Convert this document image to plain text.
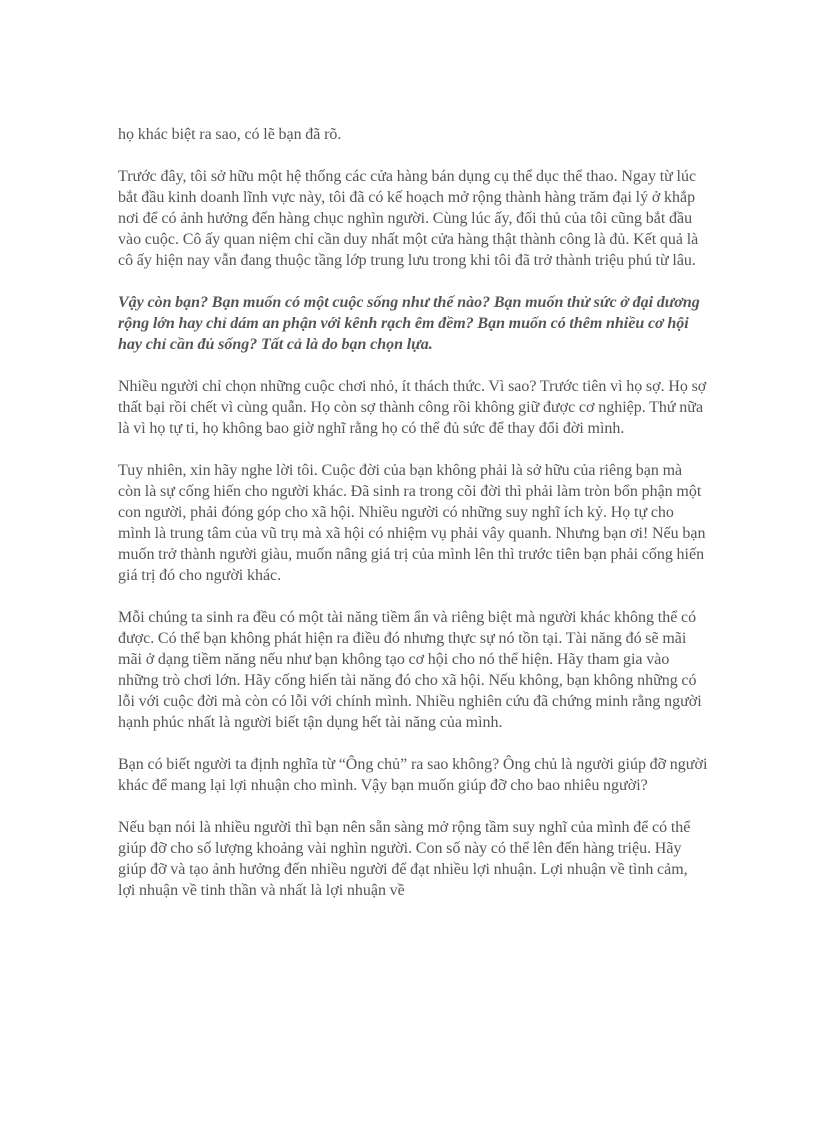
họ khác biệt ra sao, có lẽ bạn đã rõ.

Trước đây, tôi sở hữu một hệ thống các cửa hàng bán dụng cụ thể dục thể thao. Ngay từ lúc bắt đầu kinh doanh lĩnh vực này, tôi đã có kế hoạch mở rộng thành hàng trăm đại lý ở khắp nơi để có ảnh hưởng đến hàng chục nghìn người. Cùng lúc ấy, đối thủ của tôi cũng bắt đầu vào cuộc. Cô ấy quan niệm chỉ cần duy nhất một cửa hàng thật thành công là đủ. Kết quả là cô ấy hiện nay vẫn đang thuộc tầng lớp trung lưu trong khi tôi đã trở thành triệu phú từ lâu.

Vậy còn bạn? Bạn muốn có một cuộc sống như thế nào? Bạn muốn thử sức ở đại dương rộng lớn hay chỉ dám an phận với kênh rạch êm đềm? Bạn muốn có thêm nhiều cơ hội hay chỉ cần đủ sống? Tất cả là do bạn chọn lựa.

Nhiều người chỉ chọn những cuộc chơi nhỏ, ít thách thức. Vì sao? Trước tiên vì họ sợ. Họ sợ thất bại rồi chết vì cùng quẫn. Họ còn sợ thành công rồi không giữ được cơ nghiệp. Thứ nữa là vì họ tự ti, họ không bao giờ nghĩ rằng họ có thể đủ sức để thay đổi đời mình.

Tuy nhiên, xin hãy nghe lời tôi. Cuộc đời của bạn không phải là sở hữu của riêng bạn mà còn là sự cống hiến cho người khác. Đã sinh ra trong cõi đời thì phải làm tròn bổn phận một con người, phải đóng góp cho xã hội. Nhiều người có những suy nghĩ ích kỷ. Họ tự cho mình là trung tâm của vũ trụ mà xã hội có nhiệm vụ phải vây quanh. Nhưng bạn ơi! Nếu bạn muốn trở thành người giàu, muốn nâng giá trị của mình lên thì trước tiên bạn phải cống hiến giá trị đó cho người khác.

Mỗi chúng ta sinh ra đều có một tài năng tiềm ẩn và riêng biệt mà người khác không thể có được. Có thể bạn không phát hiện ra điều đó nhưng thực sự nó tồn tại. Tài năng đó sẽ mãi mãi ở dạng tiềm năng nếu như bạn không tạo cơ hội cho nó thể hiện. Hãy tham gia vào những trò chơi lớn. Hãy cống hiến tài năng đó cho xã hội. Nếu không, bạn không những có lỗi với cuộc đời mà còn có lỗi với chính mình. Nhiều nghiên cứu đã chứng minh rằng người hạnh phúc nhất là người biết tận dụng hết tài năng của mình.

Bạn có biết người ta định nghĩa từ “Ông chủ” ra sao không? Ông chủ là người giúp đỡ người khác để mang lại lợi nhuận cho mình. Vậy bạn muốn giúp đỡ cho bao nhiêu người?

Nếu bạn nói là nhiều người thì bạn nên sẵn sàng mở rộng tầm suy nghĩ của mình để có thể giúp đỡ cho số lượng khoảng vài nghìn người. Con số này có thể lên đến hàng triệu. Hãy giúp đỡ và tạo ảnh hưởng đến nhiều người để đạt nhiều lợi nhuận. Lợi nhuận về tình cảm, lợi nhuận về tinh thần và nhất là lợi nhuận về
